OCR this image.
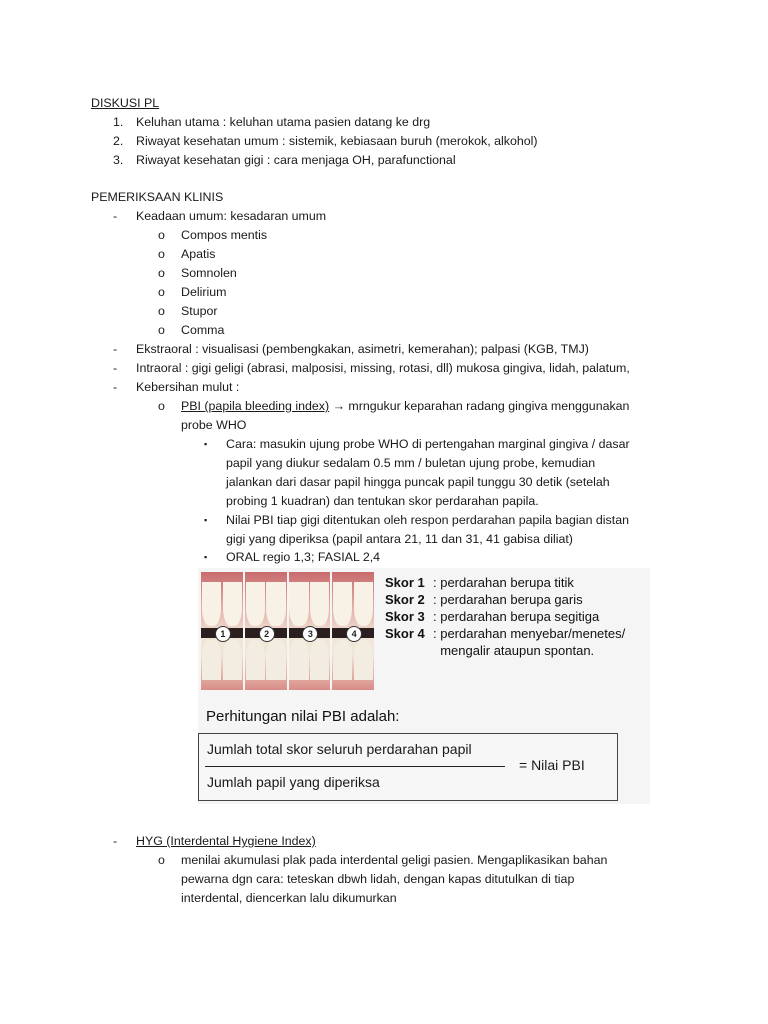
DISKUSI PL
1. Keluhan utama : keluhan utama pasien datang ke drg
2. Riwayat kesehatan umum : sistemik, kebiasaan buruh (merokok, alkohol)
3. Riwayat kesehatan gigi : cara menjaga OH, parafunctional
PEMERIKSAAN KLINIS
- Keadaan umum: kesadaran umum
o Compos mentis
o Apatis
o Somnolen
o Delirium
o Stupor
o Comma
- Ekstraoral : visualisasi (pembengkakan, asimetri, kemerahan); palpasi (KGB, TMJ)
- Intraoral : gigi geligi (abrasi, malposisi, missing, rotasi, dll) mukosa gingiva, lidah, palatum,
- Kebersihan mulut :
o PBI (papila bleeding index) → mrngukur keparahan radang gingiva menggunakan
probe WHO
▪ Cara: masukin ujung probe WHO di pertengahan marginal gingiva / dasar
papil yang diukur sedalam 0.5 mm / buletan ujung probe, kemudian
jalankan dari dasar papil hingga puncak papil tunggu 30 detik (setelah
probing 1 kuadran) dan tentukan skor perdarahan papila.
▪ Nilai PBI tiap gigi ditentukan oleh respon perdarahan papila bagian distan
gigi yang diperiksa (papil antara 21, 11 dan 31, 41 gabisa diliat)
▪ ORAL regio 1,3; FASIAL 2,4
1	2	3	4
Skor 1 : perdarahan berupa titik
Skor 2 : perdarahan berupa garis
Skor 3 : perdarahan berupa segitiga
Skor 4 : perdarahan menyebar/menetes/
mengalir ataupun spontan.
Perhitungan nilai PBI adalah:
Jumlah total skor seluruh perdarahan papil
Jumlah papil yang diperiksa
= Nilai PBI
- HYG (Interdental Hygiene Index)
o menilai akumulasi plak pada interdental geligi pasien. Mengaplikasikan bahan
pewarna dgn cara: teteskan dbwh lidah, dengan kapas ditutulkan di tiap
interdental, diencerkan lalu dikumurkan
